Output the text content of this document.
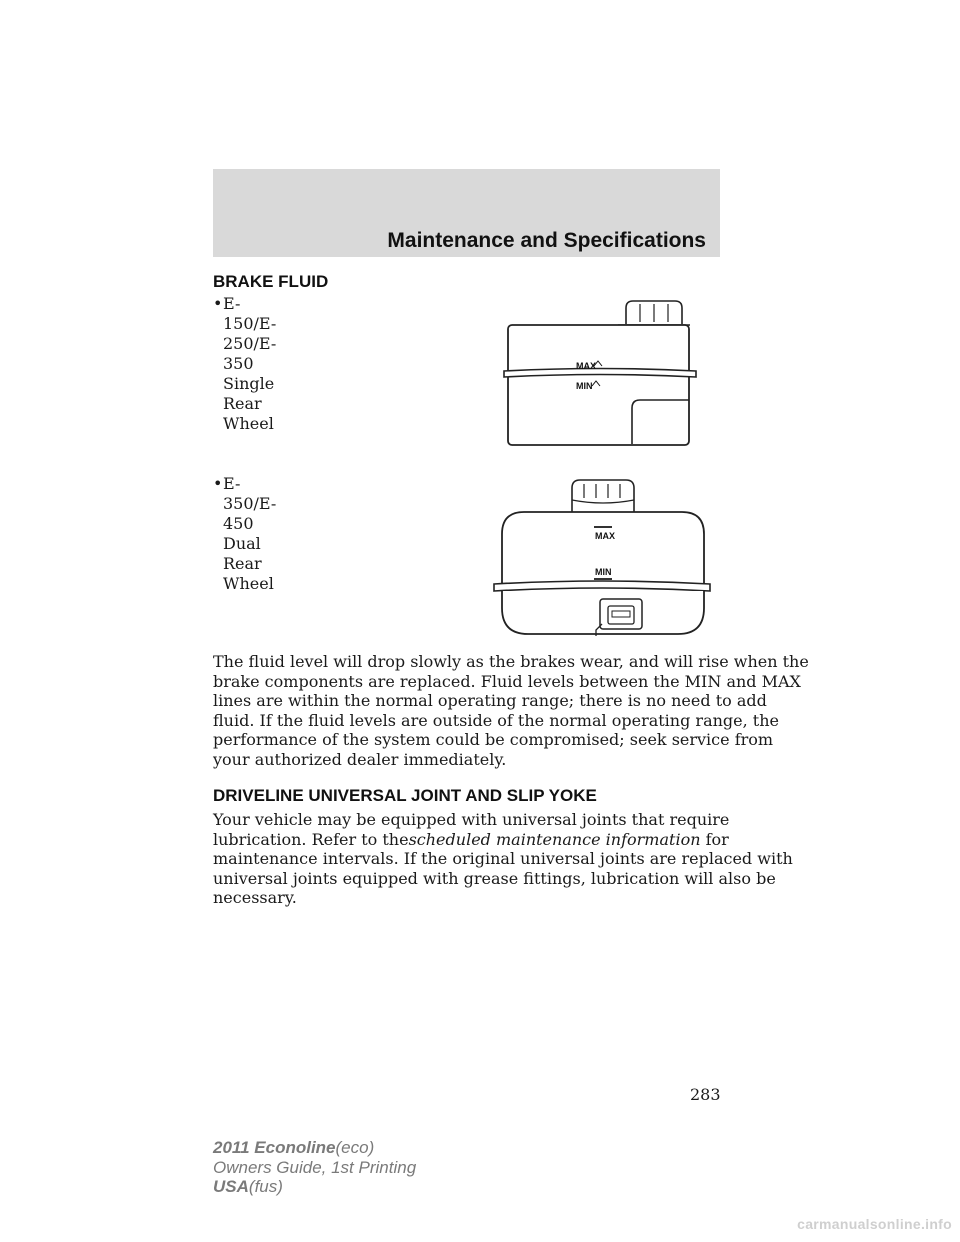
Maintenance and Specifications
BRAKE FLUID
• E-150/E-250/E-350 Single Rear
Wheel
MAX
MIN
• E-350/E-450 Dual Rear Wheel
MAX
MIN
The fluid level will drop slowly as the brakes wear, and will rise when the
brake components are replaced. Fluid levels between the MIN and MAX
lines are within the normal operating range; there is no need to add
fluid. If the fluid levels are outside of the normal operating range, the
performance of the system could be compromised; seek service from
your authorized dealer immediately.
DRIVELINE UNIVERSAL JOINT AND SLIP YOKE
Your vehicle may be equipped with universal joints that require
lubrication. Refer to thescheduled maintenance information for
maintenance intervals. If the original universal joints are replaced with
universal joints equipped with grease fittings, lubrication will also be
necessary.
283
2011 Econoline(eco)
Owners Guide, 1st Printing
USA(fus)
carmanualsonline.info
